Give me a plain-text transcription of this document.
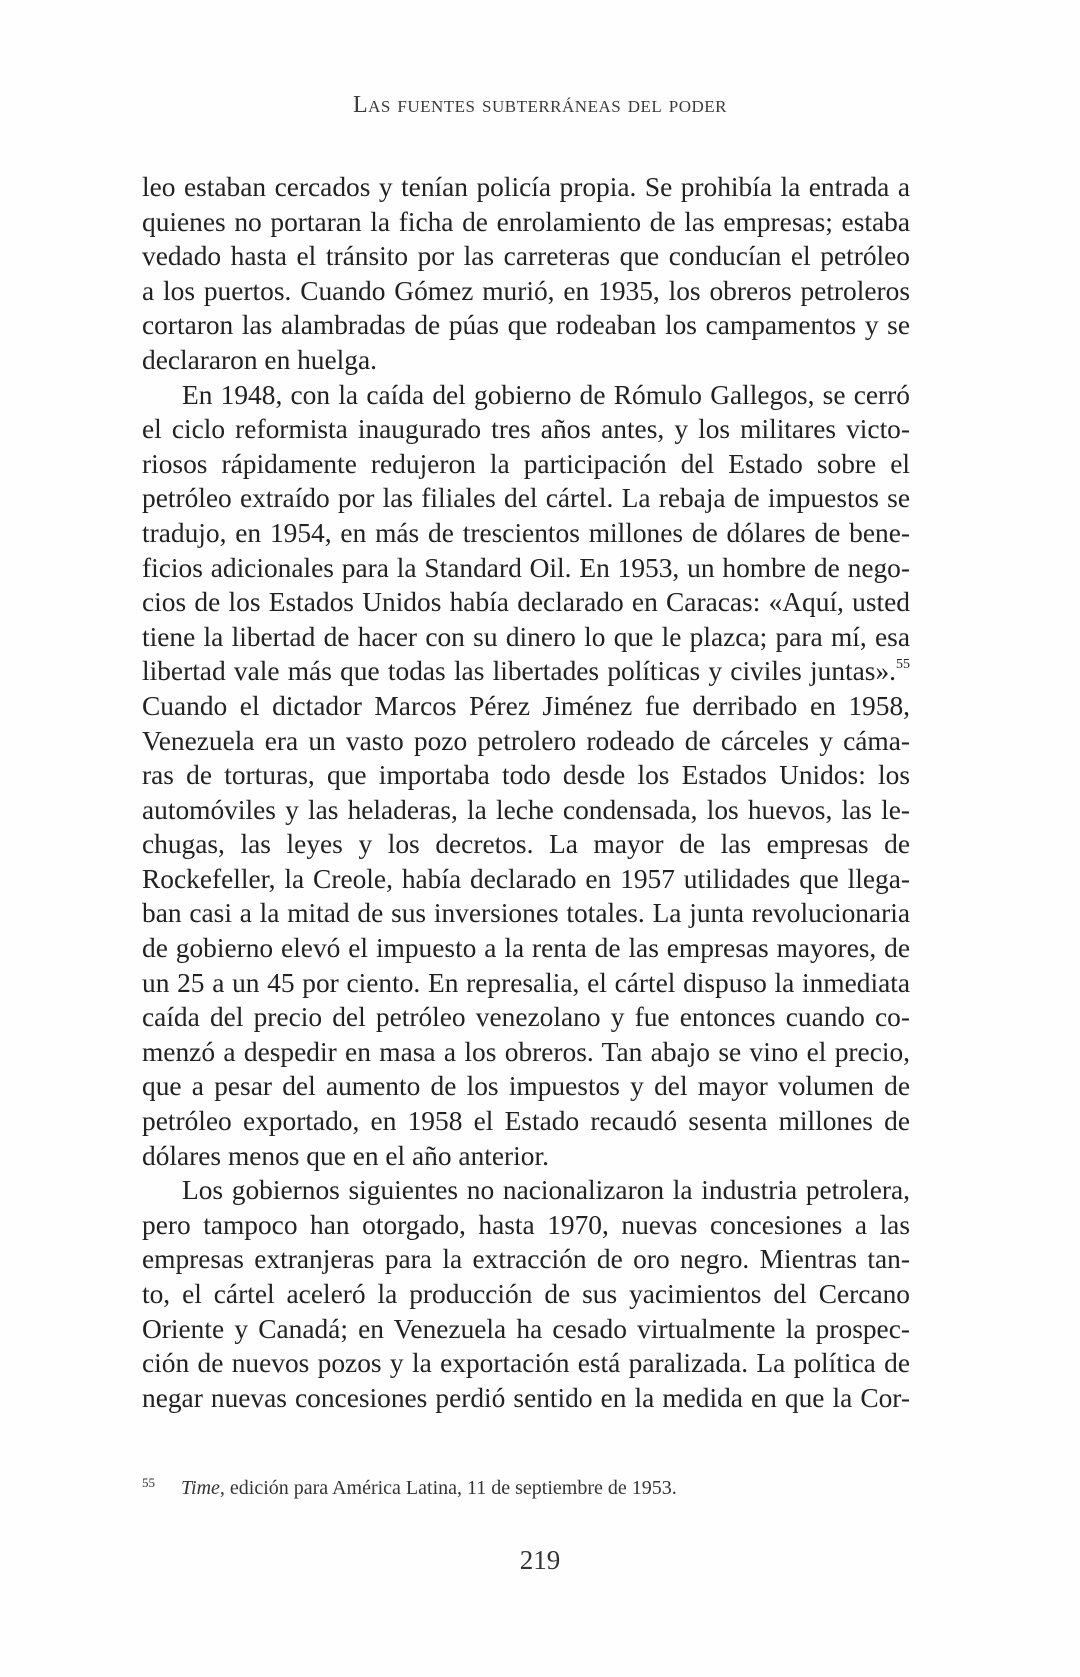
Las fuentes subterráneas del poder
leo estaban cercados y tenían policía propia. Se prohibía la entrada a
quienes no portaran la ficha de enrolamiento de las empresas; estaba
vedado hasta el tránsito por las carreteras que conducían el petróleo
a los puertos. Cuando Gómez murió, en 1935, los obreros petroleros
cortaron las alambradas de púas que rodeaban los campamentos y se
declararon en huelga.
En 1948, con la caída del gobierno de Rómulo Gallegos, se cerró
el ciclo reformista inaugurado tres años antes, y los militares victo-
riosos rápidamente redujeron la participación del Estado sobre el
petróleo extraído por las filiales del cártel. La rebaja de impuestos se
tradujo, en 1954, en más de trescientos millones de dólares de bene-
ficios adicionales para la Standard Oil. En 1953, un hombre de nego-
cios de los Estados Unidos había declarado en Caracas: «Aquí, usted
tiene la libertad de hacer con su dinero lo que le plazca; para mí, esa
libertad vale más que todas las libertades políticas y civiles juntas».$^{55}$
Cuando el dictador Marcos Pérez Jiménez fue derribado en 1958,
Venezuela era un vasto pozo petrolero rodeado de cárceles y cáma-
ras de torturas, que importaba todo desde los Estados Unidos: los
automóviles y las heladeras, la leche condensada, los huevos, las le-
chugas, las leyes y los decretos. La mayor de las empresas de
Rockefeller, la Creole, había declarado en 1957 utilidades que llega-
ban casi a la mitad de sus inversiones totales. La junta revolucionaria
de gobierno elevó el impuesto a la renta de las empresas mayores, de
un 25 a un 45 por ciento. En represalia, el cártel dispuso la inmediata
caída del precio del petróleo venezolano y fue entonces cuando co-
menzó a despedir en masa a los obreros. Tan abajo se vino el precio,
que a pesar del aumento de los impuestos y del mayor volumen de
petróleo exportado, en 1958 el Estado recaudó sesenta millones de
dólares menos que en el año anterior.
Los gobiernos siguientes no nacionalizaron la industria petrolera,
pero tampoco han otorgado, hasta 1970, nuevas concesiones a las
empresas extranjeras para la extracción de oro negro. Mientras tan-
to, el cártel aceleró la producción de sus yacimientos del Cercano
Oriente y Canadá; en Venezuela ha cesado virtualmente la prospec-
ción de nuevos pozos y la exportación está paralizada. La política de
negar nuevas concesiones perdió sentido en la medida en que la Cor-
$^{55}$ Time, edición para América Latina, 11 de septiembre de 1953.
219
